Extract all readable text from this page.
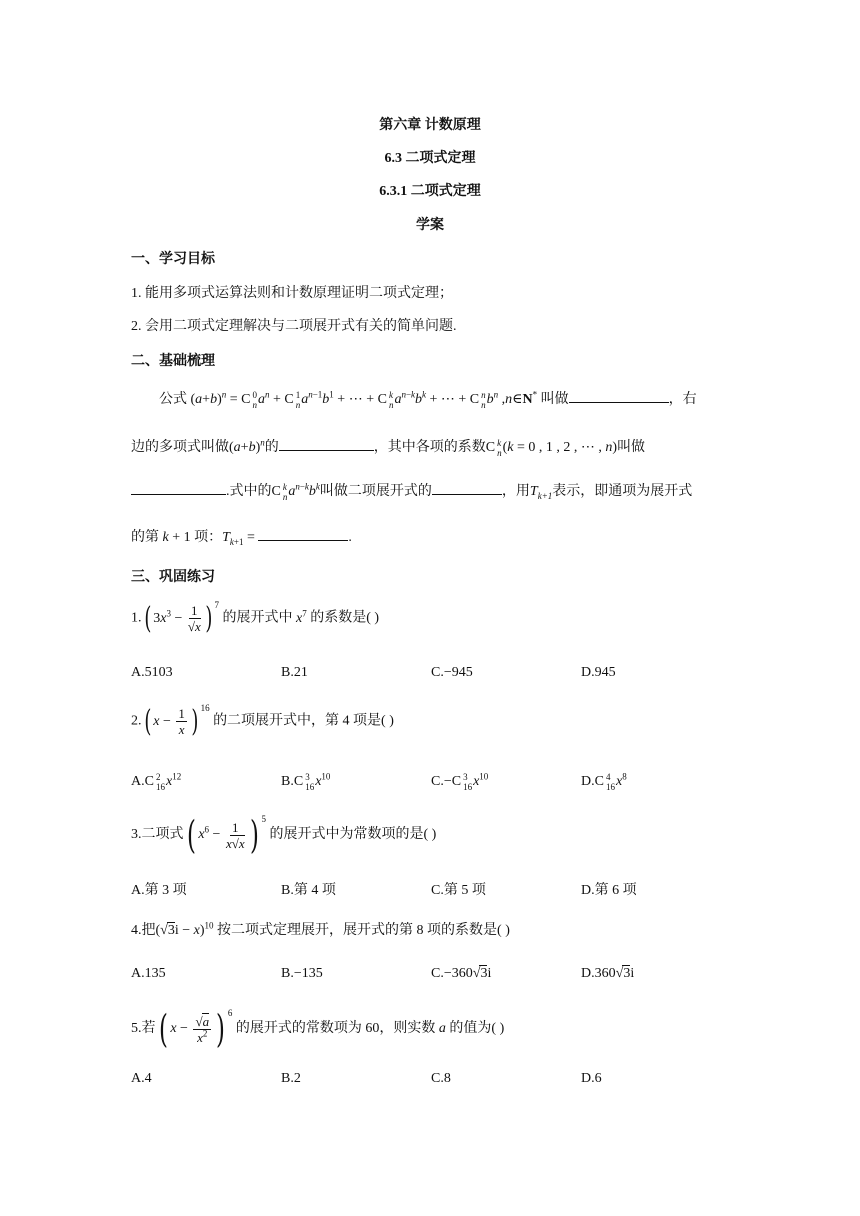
第六章 计数原理
6.3 二项式定理
6.3.1 二项式定理
学案
一、学习目标
1. 能用多项式运算法则和计数原理证明二项式定理；
2. 会用二项式定理解决与二项展开式有关的简单问题.
二、基础梳理
公式 $(a+b)^n = C$ 0
n $a^n + C$ 1
n $a^{n-1}b^1$ + ⋯ + C k
n $a^{n-k}b^k$ + ⋯ + C n
n $b^n$ ,n∈N* 叫做	，右
边的多项式叫做$(a+b)^n$的	，其中各项的系数C k
n (k = 0 , 1 , 2 , ⋯ , n)叫做
.式中的C k
n $a^{n-k}b^k$叫做二项展开式的	，用$T_{k+1}$表示，即通项为展开式
的第 k + 1 项：$T_{k+1}$ =	.
三、巩固练习
1.( $3x^3 - \frac{1}{√x}$ ) $^7$ 的展开式中 $x^7$ 的系数是( )
A.5103	B.21	C.−945	D.945
2.( $x - \frac{1}{x}$ ) $^{16}$ 的二项展开式中，第 4 项是( )
A.C 2
16 $x^{12}$	B.C 3
16 $x^{10}$	C.−C 3
16 $x^{10}$	D.C 4
16 $x^8$
3.二项式( $x^6 - \frac{1}{x√x}$ ) $^5$ 的展开式中为常数项的是( )
A.第 3 项	B.第 4 项	C.第 5 项	D.第 6 项
4.把$(√3i - x)^{10}$ 按二项式定理展开，展开式的第 8 项的系数是( )
A.135	B.−135	C.−360√3i	D.360√3i
5.若( $x - \frac{√a}{x^2}$ ) $^6$ 的展开式的常数项为 60，则实数 a 的值为( )
A.4	B.2	C.8	D.6
